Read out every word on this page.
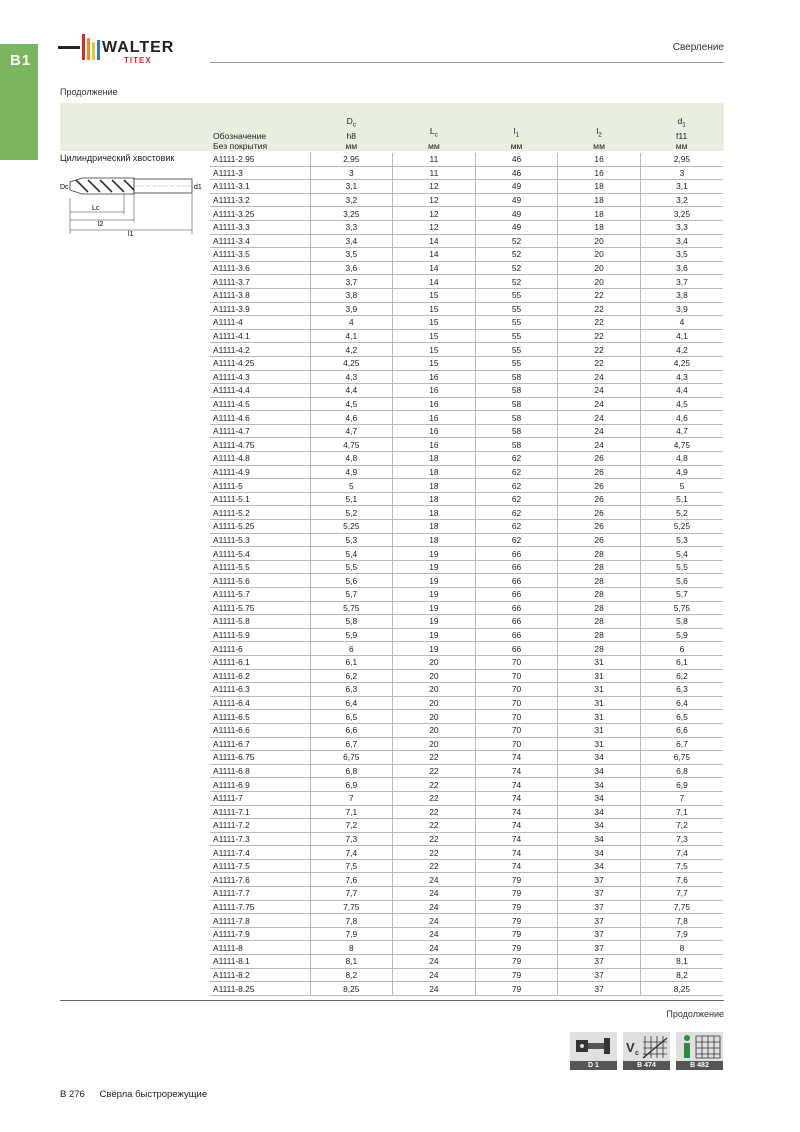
B1
WALTER
TITEX
Сверление
Продолжение
Цилиндрический хвостовик
Dc	d1
Lc
l2
l1
Обозначение
Без покрытия	$D_c$
h8
мм	$L_c$
мм	$l_1$
мм	$l_2$
мм	$d_1$
f11
мм
A1111-2.95	2,95	11	46	16	2,95
A1111-3	3	11	46	16	3
A1111-3.1	3,1	12	49	18	3,1
A1111-3.2	3,2	12	49	18	3,2
A1111-3.25	3,25	12	49	18	3,25
A1111-3.3	3,3	12	49	18	3,3
A1111-3.4	3,4	14	52	20	3,4
A1111-3.5	3,5	14	52	20	3,5
A1111-3.6	3,6	14	52	20	3,6
A1111-3.7	3,7	14	52	20	3,7
A1111-3.8	3,8	15	55	22	3,8
A1111-3.9	3,9	15	55	22	3,9
A1111-4	4	15	55	22	4
A1111-4.1	4,1	15	55	22	4,1
A1111-4.2	4,2	15	55	22	4,2
A1111-4.25	4,25	15	55	22	4,25
A1111-4.3	4,3	16	58	24	4,3
A1111-4.4	4,4	16	58	24	4,4
A1111-4.5	4,5	16	58	24	4,5
A1111-4.6	4,6	16	58	24	4,6
A1111-4.7	4,7	16	58	24	4,7
A1111-4.75	4,75	16	58	24	4,75
A1111-4.8	4,8	18	62	26	4,8
A1111-4.9	4,9	18	62	26	4,9
A1111-5	5	18	62	26	5
A1111-5.1	5,1	18	62	26	5,1
A1111-5.2	5,2	18	62	26	5,2
A1111-5.25	5,25	18	62	26	5,25
A1111-5.3	5,3	18	62	26	5,3
A1111-5.4	5,4	19	66	28	5,4
A1111-5.5	5,5	19	66	28	5,5
A1111-5.6	5,6	19	66	28	5,6
A1111-5.7	5,7	19	66	28	5,7
A1111-5.75	5,75	19	66	28	5,75
A1111-5.8	5,8	19	66	28	5,8
A1111-5.9	5,9	19	66	28	5,9
A1111-6	6	19	66	28	6
A1111-6.1	6,1	20	70	31	6,1
A1111-6.2	6,2	20	70	31	6,2
A1111-6.3	6,3	20	70	31	6,3
A1111-6.4	6,4	20	70	31	6,4
A1111-6.5	6,5	20	70	31	6,5
A1111-6.6	6,6	20	70	31	6,6
A1111-6.7	6,7	20	70	31	6,7
A1111-6.75	6,75	22	74	34	6,75
A1111-6.8	6,8	22	74	34	6,8
A1111-6.9	6,9	22	74	34	6,9
A1111-7	7	22	74	34	7
A1111-7.1	7,1	22	74	34	7,1
A1111-7.2	7,2	22	74	34	7,2
A1111-7.3	7,3	22	74	34	7,3
A1111-7.4	7,4	22	74	34	7,4
A1111-7.5	7,5	22	74	34	7,5
A1111-7.6	7,6	24	79	37	7,6
A1111-7.7	7,7	24	79	37	7,7
A1111-7.75	7,75	24	79	37	7,75
A1111-7.8	7,8	24	79	37	7,8
A1111-7.9	7,9	24	79	37	7,9
A1111-8	8	24	79	37	8
A1111-8.1	8,1	24	79	37	8,1
A1111-8.2	8,2	24	79	37	8,2
A1111-8.25	8,25	24	79	37	8,25
Продолжение
D 1
V c
B 474	B 482
B 276 Свёрла быстрорежущие
